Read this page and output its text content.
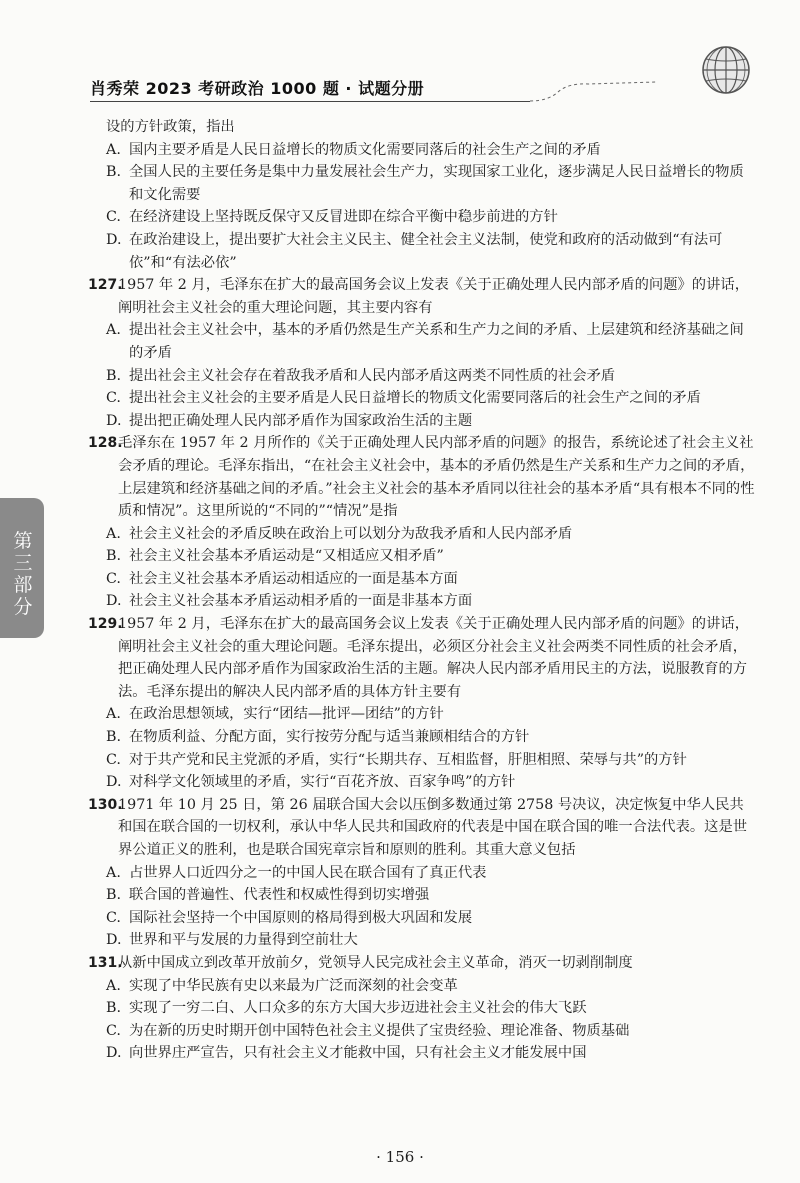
肖秀荣 2023 考研政治 1000 题 · 试题分册
第三部分
设的方针政策，指出
A. 国内主要矛盾是人民日益增长的物质文化需要同落后的社会生产之间的矛盾
B. 全国人民的主要任务是集中力量发展社会生产力，实现国家工业化，逐步满足人民日益增长的物质和文化需要
C. 在经济建设上坚持既反保守又反冒进即在综合平衡中稳步前进的方针
D. 在政治建设上，提出要扩大社会主义民主、健全社会主义法制，使党和政府的活动做到“有法可依”和“有法必依”
127.
1957 年 2 月，毛泽东在扩大的最高国务会议上发表《关于正确处理人民内部矛盾的问题》的讲话，阐明社会主义社会的重大理论问题，其主要内容有
A. 提出社会主义社会中，基本的矛盾仍然是生产关系和生产力之间的矛盾、上层建筑和经济基础之间的矛盾
B. 提出社会主义社会存在着敌我矛盾和人民内部矛盾这两类不同性质的社会矛盾
C. 提出社会主义社会的主要矛盾是人民日益增长的物质文化需要同落后的社会生产之间的矛盾
D. 提出把正确处理人民内部矛盾作为国家政治生活的主题
128.
毛泽东在 1957 年 2 月所作的《关于正确处理人民内部矛盾的问题》的报告，系统论述了社会主义社会矛盾的理论。毛泽东指出，“在社会主义社会中，基本的矛盾仍然是生产关系和生产力之间的矛盾，上层建筑和经济基础之间的矛盾。”社会主义社会的基本矛盾同以往社会的基本矛盾“具有根本不同的性质和情况”。这里所说的“不同的”“情况”是指
A. 社会主义社会的矛盾反映在政治上可以划分为敌我矛盾和人民内部矛盾
B. 社会主义社会基本矛盾运动是“又相适应又相矛盾”
C. 社会主义社会基本矛盾运动相适应的一面是基本方面
D. 社会主义社会基本矛盾运动相矛盾的一面是非基本方面
129.
1957 年 2 月，毛泽东在扩大的最高国务会议上发表《关于正确处理人民内部矛盾的问题》的讲话，阐明社会主义社会的重大理论问题。毛泽东提出，必须区分社会主义社会两类不同性质的社会矛盾，把正确处理人民内部矛盾作为国家政治生活的主题。解决人民内部矛盾用民主的方法，说服教育的方法。毛泽东提出的解决人民内部矛盾的具体方针主要有
A. 在政治思想领域，实行“团结—批评—团结”的方针
B. 在物质利益、分配方面，实行按劳分配与适当兼顾相结合的方针
C. 对于共产党和民主党派的矛盾，实行“长期共存、互相监督，肝胆相照、荣辱与共”的方针
D. 对科学文化领域里的矛盾，实行“百花齐放、百家争鸣”的方针
130.
1971 年 10 月 25 日，第 26 届联合国大会以压倒多数通过第 2758 号决议，决定恢复中华人民共和国在联合国的一切权利，承认中华人民共和国政府的代表是中国在联合国的唯一合法代表。这是世界公道正义的胜利，也是联合国宪章宗旨和原则的胜利。其重大意义包括
A. 占世界人口近四分之一的中国人民在联合国有了真正代表
B. 联合国的普遍性、代表性和权威性得到切实增强
C. 国际社会坚持一个中国原则的格局得到极大巩固和发展
D. 世界和平与发展的力量得到空前壮大
131.
从新中国成立到改革开放前夕，党领导人民完成社会主义革命，消灭一切剥削制度
A. 实现了中华民族有史以来最为广泛而深刻的社会变革
B. 实现了一穷二白、人口众多的东方大国大步迈进社会主义社会的伟大飞跃
C. 为在新的历史时期开创中国特色社会主义提供了宝贵经验、理论准备、物质基础
D. 向世界庄严宣告，只有社会主义才能救中国，只有社会主义才能发展中国
· 156 ·
